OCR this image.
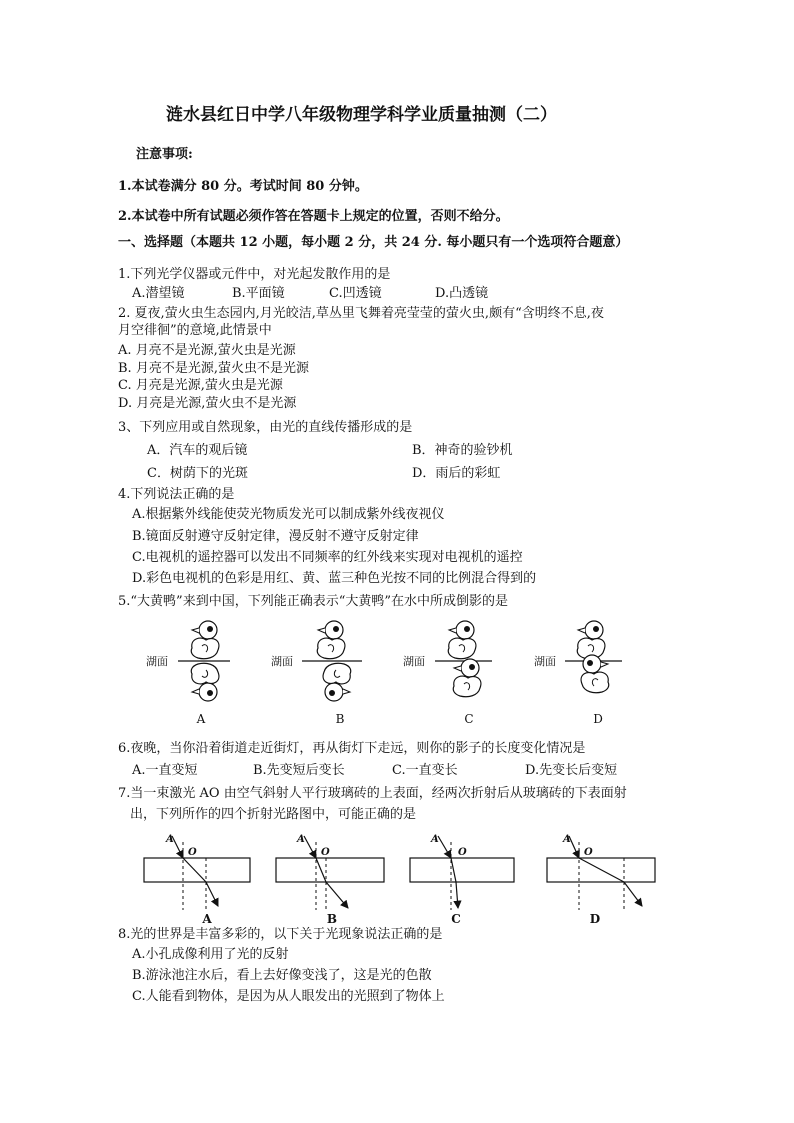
涟水县红日中学八年级物理学科学业质量抽测（二）
注意事项:
1.本试卷满分 80 分。考试时间 80 分钟。
2.本试卷中所有试题必须作答在答题卡上规定的位置，否则不给分。
一、选择题（本题共 12 小题，每小题 2 分，共 24 分. 每小题只有一个选项符合题意）
1.下列光学仪器或元件中，对光起发散作用的是
A.潜望镜	B.平面镜	C.凹透镜	D.凸透镜
2. 夏夜,萤火虫生态园内,月光皎洁,草丛里飞舞着亮莹莹的萤火虫,颇有“含明终不息,夜
月空徘徊”的意境,此情景中
A. 月亮不是光源,萤火虫是光源
B. 月亮不是光源,萤火虫不是光源
C. 月亮是光源,萤火虫是光源
D. 月亮是光源,萤火虫不是光源
3、下列应用或自然现象，由光的直线传播形成的是
A．汽车的观后镜	B．神奇的验钞机
C．树荫下的光斑	D．雨后的彩虹
4.下列说法正确的是
A.根据紫外线能使荧光物质发光可以制成紫外线夜视仪
B.镜面反射遵守反射定律，漫反射不遵守反射定律
C.电视机的遥控器可以发出不同频率的红外线来实现对电视机的遥控
D.彩色电视机的色彩是用红、黄、蓝三种色光按不同的比例混合得到的
5.“大黄鸭”来到中国，下列能正确表示“大黄鸭”在水中所成倒影的是
湖面
A
湖面
B
湖面
C
湖面
D
6.夜晚，当你沿着街道走近街灯，再从街灯下走远，则你的影子的长度变化情况是
A.一直变短	B.先变短后变长	C.一直变长	D.先变长后变短
7.当一束激光 AO 由空气斜射人平行玻璃砖的上表面，经两次折射后从玻璃砖的下表面射
出，下列所作的四个折射光路图中，可能正确的是
A
O
A
A
O
B
A
O
C
A
O
D
8.光的世界是丰富多彩的，以下关于光现象说法正确的是
A.小孔成像利用了光的反射
B.游泳池注水后，看上去好像变浅了，这是光的色散
C.人能看到物体，是因为从人眼发出的光照到了物体上
